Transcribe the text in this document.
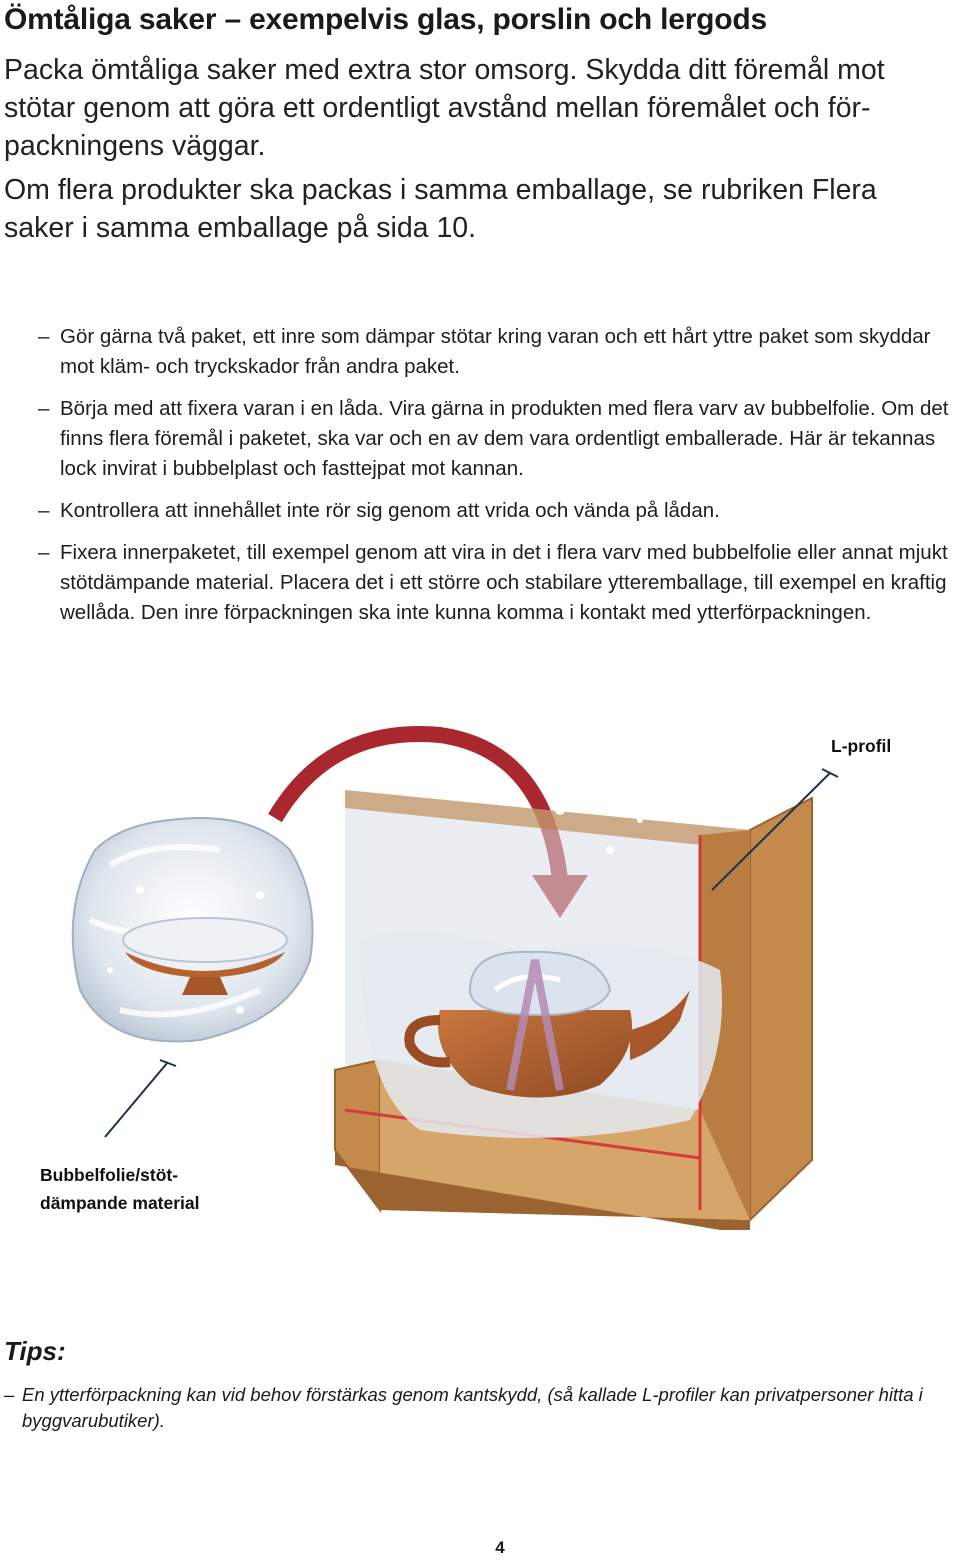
Ömtåliga saker – exempelvis glas, porslin och lergods

Packa ömtåliga saker med extra stor omsorg. Skydda ditt föremål mot stötar genom att göra ett ordentligt avstånd mellan föremålet och för-packningens väggar.

Om flera produkter ska packas i samma emballage, se rubriken Flera saker i samma emballage på sida 10.

– Gör gärna två paket, ett inre som dämpar stötar kring varan och ett hårt yttre paket som skyddar mot kläm- och tryckskador från andra paket.
– Börja med att fixera varan i en låda. Vira gärna in produkten med flera varv av bubbelfolie. Om det finns flera föremål i paketet, ska var och en av dem vara ordentligt emballerade. Här är tekannas lock invirat i bubbelplast och fasttejpat mot kannan.
– Kontrollera att innehållet inte rör sig genom att vrida och vända på lådan.
– Fixera innerpaketet, till exempel genom att vira in det i flera varv med bubbelfolie eller annat mjukt stötdämpande material. Placera det i ett större och stabilare ytteremballage, till exempel en kraftig wellåda. Den inre förpackningen ska inte kunna komma i kontakt med ytterförpackningen.
L-profil
Bubbelfolie/stöt-
dämpande material
Tips:

– En ytterförpackning kan vid behov förstärkas genom kantskydd, (så kallade L-profiler kan privatpersoner hitta i byggvarubutiker).

4
